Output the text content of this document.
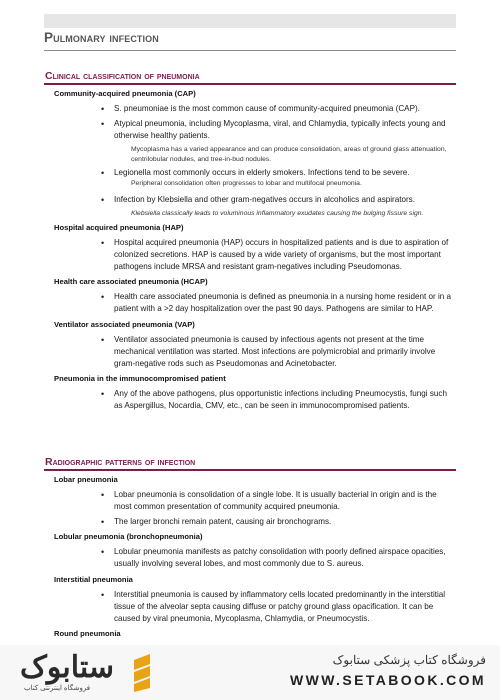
Pulmonary infection
Clinical classification of pneumonia
Community-acquired pneumonia (CAP)
• S. pneumoniae is the most common cause of community-acquired pneumonia (CAP).
• Atypical pneumonia, including Mycoplasma, viral, and Chlamydia, typically infects young and otherwise healthy patients.
Mycoplasma has a varied appearance and can produce consolidation, areas of ground glass attenuation, centrilobular nodules, and tree-in-bud nodules.
• Legionella most commonly occurs in elderly smokers. Infections tend to be severe.
Peripheral consolidation often progresses to lobar and multifocal pneumonia.
• Infection by Klebsiella and other gram-negatives occurs in alcoholics and aspirators.
Klebsiella classically leads to voluminous inflammatory exudates causing the bulging fissure sign.
Hospital acquired pneumonia (HAP)
• Hospital acquired pneumonia (HAP) occurs in hospitalized patients and is due to aspiration of colonized secretions. HAP is caused by a wide variety of organisms, but the most important pathogens include MRSA and resistant gram-negatives including Pseudomonas.
Health care associated pneumonia (HCAP)
• Health care associated pneumonia is defined as pneumonia in a nursing home resident or in a patient with a >2 day hospitalization over the past 90 days. Pathogens are similar to HAP.
Ventilator associated pneumonia (VAP)
• Ventilator associated pneumonia is caused by infectious agents not present at the time mechanical ventilation was started. Most infections are polymicrobial and primarily involve gram-negative rods such as Pseudomonas and Acinetobacter.
Pneumonia in the immunocompromised patient
• Any of the above pathogens, plus opportunistic infections including Pneumocystis, fungi such as Aspergillus, Nocardia, CMV, etc., can be seen in immunocompromised patients.
Radiographic patterns of infection
Lobar pneumonia
• Lobar pneumonia is consolidation of a single lobe. It is usually bacterial in origin and is the most common presentation of community acquired pneumonia.
• The larger bronchi remain patent, causing air bronchograms.
Lobular pneumonia (bronchopneumonia)
• Lobular pneumonia manifests as patchy consolidation with poorly defined airspace opacities, usually involving several lobes, and most commonly due to S. aureus.
Interstitial pneumonia
• Interstitial pneumonia is caused by inflammatory cells located predominantly in the interstitial tissue of the alveolar septa causing diffuse or patchy ground glass opacification. It can be caused by viral pneumonia, Mycoplasma, Chlamydia, or Pneumocystis.
Round pneumonia
ستابوک
فروشگاه اینترنتی کتاب
فروشگاه کتاب پزشکی ستابوک
WWW.SETABOOK.COM
